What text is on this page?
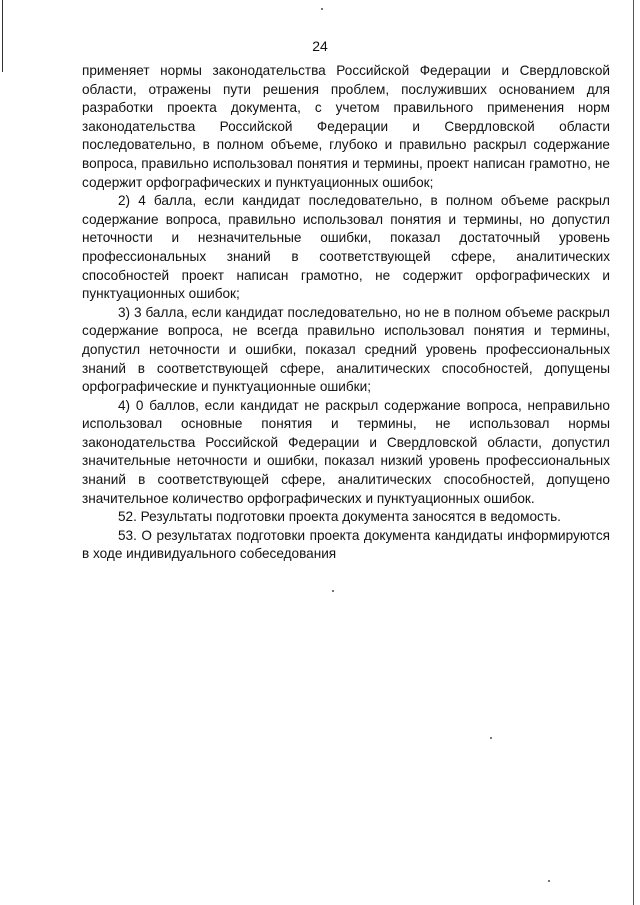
24

применяет нормы законодательства Российской Федерации и Свердловской области, отражены пути решения проблем, послуживших основанием для разработки проекта документа, с учетом правильного применения норм законодательства Российской Федерации и Свердловской области последовательно, в полном объеме, глубоко и правильно раскрыл содержание вопроса, правильно использовал понятия и термины, проект написан грамотно, не содержит орфографических и пунктуационных ошибок;

2) 4 балла, если кандидат последовательно, в полном объеме раскрыл содержание вопроса, правильно использовал понятия и термины, но допустил неточности и незначительные ошибки, показал достаточный уровень профессиональных знаний в соответствующей сфере, аналитических способностей проект написан грамотно, не содержит орфографических и пунктуационных ошибок;

3) 3 балла, если кандидат последовательно, но не в полном объеме раскрыл содержание вопроса, не всегда правильно использовал понятия и термины, допустил неточности и ошибки, показал средний уровень профессиональных знаний в соответствующей сфере, аналитических способностей, допущены орфографические и пунктуационные ошибки;

4) 0 баллов, если кандидат не раскрыл содержание вопроса, неправильно использовал основные понятия и термины, не использовал нормы законодательства Российской Федерации и Свердловской области, допустил значительные неточности и ошибки, показал низкий уровень профессиональных знаний в соответствующей сфере, аналитических способностей, допущено значительное количество орфографических и пунктуационных ошибок.

52. Результаты подготовки проекта документа заносятся в ведомость.

53. О результатах подготовки проекта документа кандидаты информируются в ходе индивидуального собеседования
